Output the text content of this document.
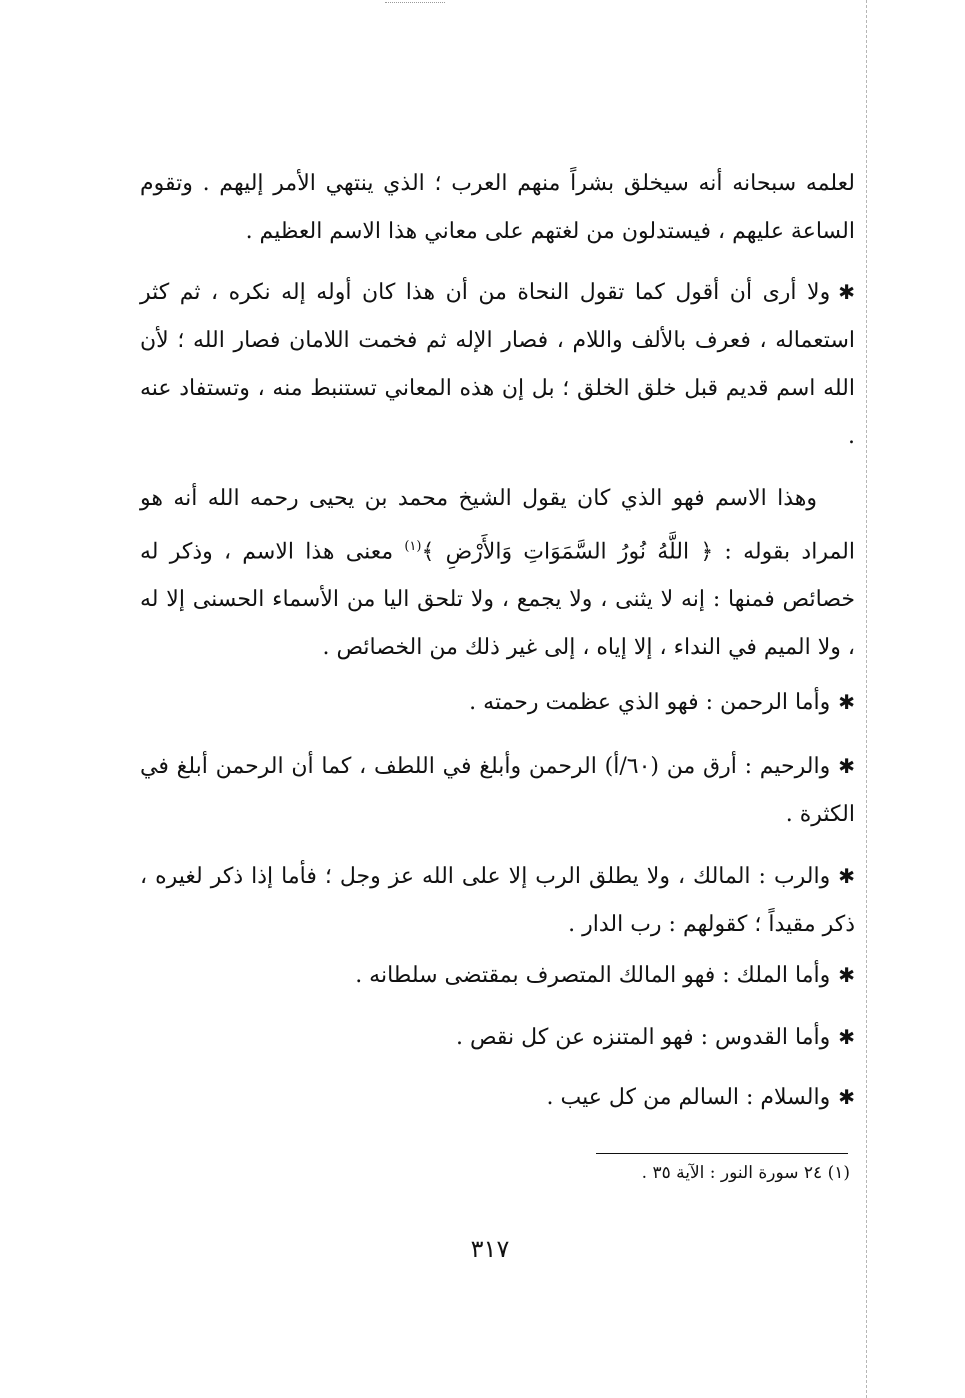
لعلمه سبحانه أنه سيخلق بشراً منهم العرب ؛ الذي ينتهي الأمر إليهم . وتقوم الساعة عليهم ، فيستدلون من لغتهم على معاني هذا الاسم العظيم .

✱ولا أرى أن أقول كما تقول النحاة من أن هذا كان أوله إله نكره ، ثم كثر استعماله ، فعرف بالألف واللام ، فصار الإله ثم فخمت اللامان فصار الله ؛ لأن الله اسم قديم قبل خلق الخلق ؛ بل إن هذه المعاني تستنبط منه ، وتستفاد عنه .

وهذا الاسم فهو الذي كان يقول الشيخ محمد بن يحيى رحمه الله أنه هو المراد بقوله : ﴿ اللَّهُ نُورُ السَّمَوَاتِ وَالأَرْضِ ﴾$^{(١)}$ معنى هذا الاسم ، وذكر له خصائص فمنها : إنه لا يثنى ، ولا يجمع ، ولا تلحق اليا من الأسماء الحسنى إلا له ، ولا الميم في النداء ، إلا إياه ، إلى غير ذلك من الخصائص .

✱وأما الرحمن : فهو الذي عظمت رحمته .

✱والرحيم : أرق من (٦٠/أ) الرحمن وأبلغ في اللطف ، كما أن الرحمن أبلغ في الكثرة .

✱والرب : المالك ، ولا يطلق الرب إلا على الله عز وجل ؛ فأما إذا ذكر لغيره ، ذكر مقيداً ؛ كقولهم : رب الدار .

✱وأما الملك : فهو المالك المتصرف بمقتضى سلطانه .

✱وأما القدوس : فهو المتنزه عن كل نقص .

✱والسلام : السالم من كل عيب .

(١) ٢٤ سورة النور : الآية ٣٥ .
٣١٧
